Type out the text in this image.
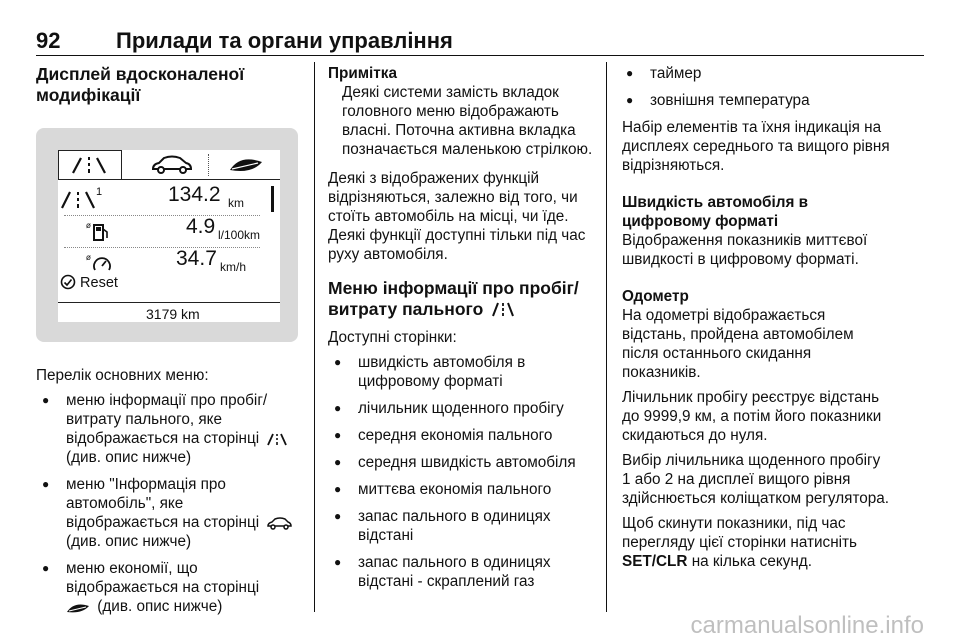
92	Прилади та органи управління
Дисплей вдосконаленої модифікації
1	134.2 km
ø	4.9 l/100km
ø	34.7 km/h
Reset
3179 km
Перелік основних меню:
● меню інформації про пробіг/витрату пального, яке відображається на сторінці  (див. опис нижче)
● меню "Інформація про автомобіль", яке відображається на сторінці  (див. опис нижче)
● меню економії, що відображається на сторінці
(див. опис нижче)
Примітка
Деякі системи замість вкладок головного меню відображають власні. Поточна активна вкладка позначається маленькою стрілкою.
Деякі з відображених функцій відрізняються, залежно від того, чи стоїть автомобіль на місці, чи їде. Деякі функції доступні тільки під час руху автомобіля.
Меню інформації про пробіг/витрату пального
Доступні сторінки:
● швидкість автомобіля в цифровому форматі
● лічильник щоденного пробігу
● середня економія пального
● середня швидкість автомобіля
● миттєва економія пального
● запас пального в одиницях відстані
● запас пального в одиницях відстані - скраплений газ
● таймер
● зовнішня температура
Набір елементів та їхня індикація на дисплеях середнього та вищого рівня відрізняються.
Швидкість автомобіля в цифровому форматі
Відображення показників миттєвої швидкості в цифровому форматі.
Одометр
На одометрі відображається відстань, пройдена автомобілем після останнього скидання показників.
Лічильник пробігу реєструє відстань до 9999,9 км, а потім його показники скидаються до нуля.
Вибір лічильника щоденного пробігу 1 або 2 на дисплеї вищого рівня здійснюється коліщатком регулятора.
Щоб скинути показники, під час перегляду цієї сторінки натисніть SET/CLR на кілька секунд.
carmanualsonline.info
